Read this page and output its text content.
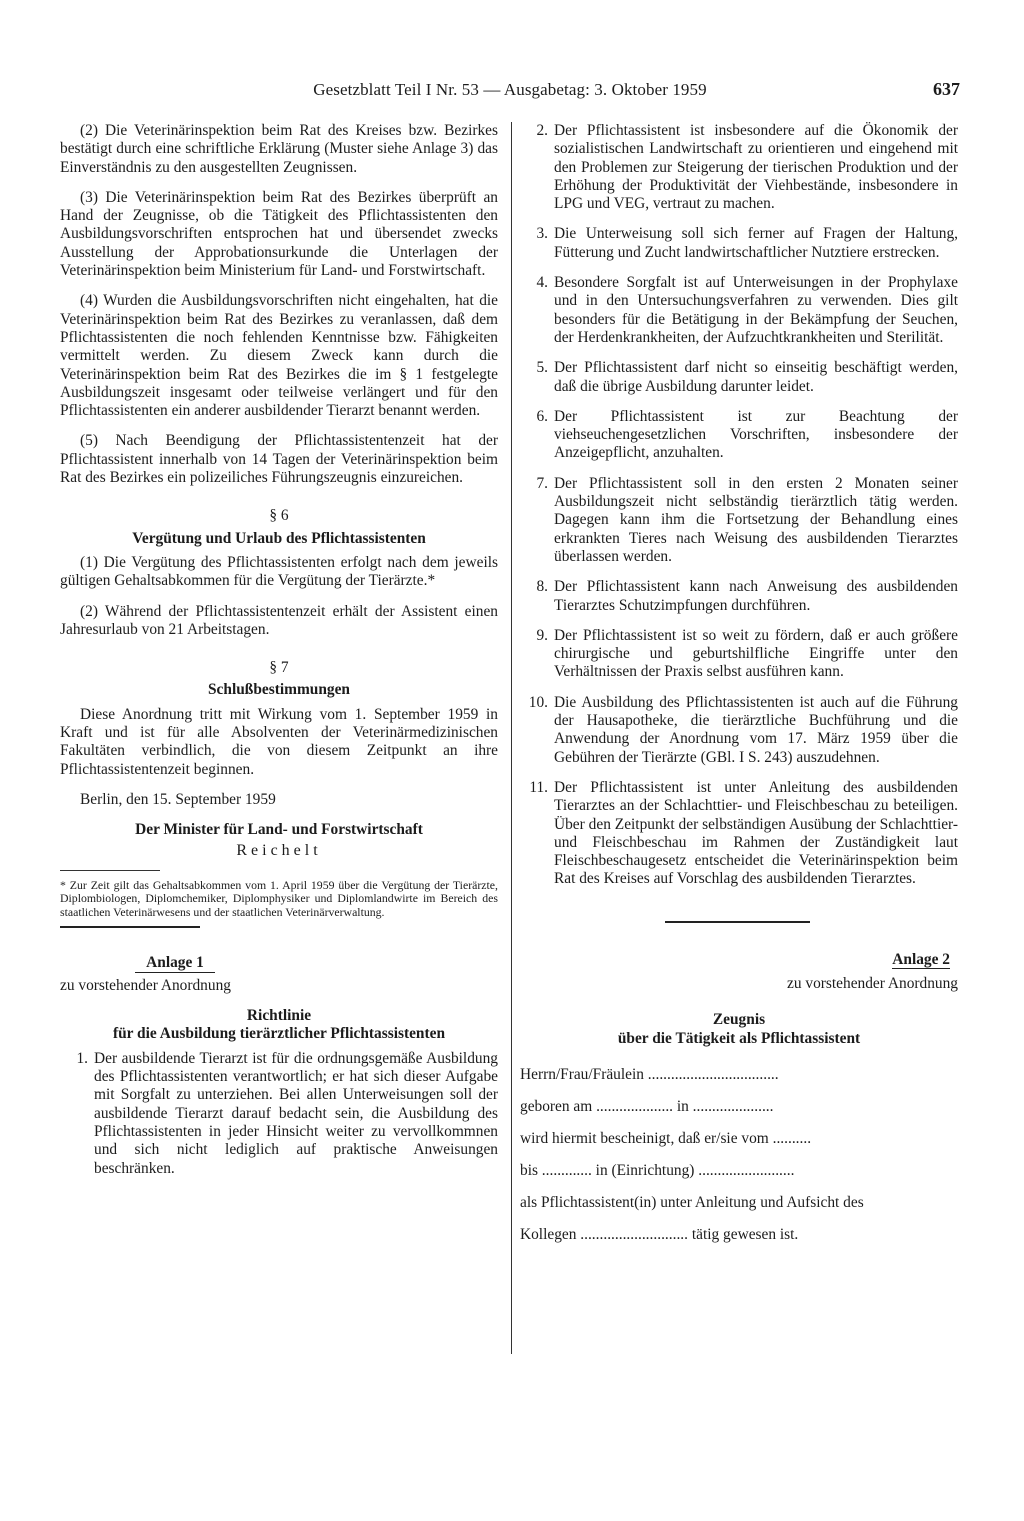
Gesetzblatt Teil I Nr. 53 — Ausgabetag: 3. Oktober 1959	637

(2) Die Veterinärinspektion beim Rat des Kreises bzw. Bezirkes bestätigt durch eine schriftliche Erklärung (Muster siehe Anlage 3) das Einverständnis zu den ausgestellten Zeugnissen.

(3) Die Veterinärinspektion beim Rat des Bezirkes überprüft an Hand der Zeugnisse, ob die Tätigkeit des Pflichtassistenten den Ausbildungsvorschriften entsprochen hat und übersendet zwecks Ausstellung der Approbationsurkunde die Unterlagen der Veterinärinspektion beim Ministerium für Land- und Forstwirtschaft.

(4) Wurden die Ausbildungsvorschriften nicht eingehalten, hat die Veterinärinspektion beim Rat des Bezirkes zu veranlassen, daß dem Pflichtassistenten die noch fehlenden Kenntnisse bzw. Fähigkeiten vermittelt werden. Zu diesem Zweck kann durch die Veterinärinspektion beim Rat des Bezirkes die im § 1 festgelegte Ausbildungszeit insgesamt oder teilweise verlängert und für den Pflichtassistenten ein anderer ausbildender Tierarzt benannt werden.

(5) Nach Beendigung der Pflichtassistentenzeit hat der Pflichtassistent innerhalb von 14 Tagen der Veterinärinspektion beim Rat des Bezirkes ein polizeiliches Führungszeugnis einzureichen.

§ 6
Vergütung und Urlaub des Pflichtassistenten

(1) Die Vergütung des Pflichtassistenten erfolgt nach dem jeweils gültigen Gehaltsabkommen für die Vergütung der Tierärzte.*

(2) Während der Pflichtassistentenzeit erhält der Assistent einen Jahresurlaub von 21 Arbeitstagen.

§ 7
Schlußbestimmungen

Diese Anordnung tritt mit Wirkung vom 1. September 1959 in Kraft und ist für alle Absolventen der Veterinärmedizinischen Fakultäten verbindlich, die von diesem Zeitpunkt an ihre Pflichtassistentenzeit beginnen.

Berlin, den 15. September 1959
Der Minister für Land- und Forstwirtschaft
Reichelt

* Zur Zeit gilt das Gehaltsabkommen vom 1. April 1959 über die Vergütung der Tierärzte, Diplombiologen, Diplomchemiker, Diplomphysiker und Diplomlandwirte im Bereich des staatlichen Veterinärwesens und der staatlichen Veterinärverwaltung.

Anlage 1
zu vorstehender Anordnung
Richtlinie
für die Ausbildung tierärztlicher Pflichtassistenten
1. Der ausbildende Tierarzt ist für die ordnungsgemäße Ausbildung des Pflichtassistenten verantwortlich; er hat sich dieser Aufgabe mit Sorgfalt zu unterziehen. Bei allen Unterweisungen soll der ausbildende Tierarzt darauf bedacht sein, die Ausbildung des Pflichtassistenten in jeder Hinsicht weiter zu vervollkommnen und sich nicht lediglich auf praktische Anweisungen beschränken.
2. Der Pflichtassistent ist insbesondere auf die Ökonomik der sozialistischen Landwirtschaft zu orientieren und eingehend mit den Problemen zur Steigerung der tierischen Produktion und der Erhöhung der Produktivität der Viehbestände, insbesondere in LPG und VEG, vertraut zu machen.
3. Die Unterweisung soll sich ferner auf Fragen der Haltung, Fütterung und Zucht landwirtschaftlicher Nutztiere erstrecken.
4. Besondere Sorgfalt ist auf Unterweisungen in der Prophylaxe und in den Untersuchungsverfahren zu verwenden. Dies gilt besonders für die Betätigung in der Bekämpfung der Seuchen, der Herdenkrankheiten, der Aufzuchtkrankheiten und Sterilität.
5. Der Pflichtassistent darf nicht so einseitig beschäftigt werden, daß die übrige Ausbildung darunter leidet.
6. Der Pflichtassistent ist zur Beachtung der viehseuchengesetzlichen Vorschriften, insbesondere der Anzeigepflicht, anzuhalten.
7. Der Pflichtassistent soll in den ersten 2 Monaten seiner Ausbildungszeit nicht selbständig tierärztlich tätig werden. Dagegen kann ihm die Fortsetzung der Behandlung eines erkrankten Tieres nach Weisung des ausbildenden Tierarztes überlassen werden.
8. Der Pflichtassistent kann nach Anweisung des ausbildenden Tierarztes Schutzimpfungen durchführen.
9. Der Pflichtassistent ist so weit zu fördern, daß er auch größere chirurgische und geburtshilfliche Eingriffe unter den Verhältnissen der Praxis selbst ausführen kann.
10. Die Ausbildung des Pflichtassistenten ist auch auf die Führung der Hausapotheke, die tierärztliche Buchführung und die Anwendung der Anordnung vom 17. März 1959 über die Gebühren der Tierärzte (GBl. I S. 243) auszudehnen.
11. Der Pflichtassistent ist unter Anleitung des ausbildenden Tierarztes an der Schlachttier- und Fleischbeschau zu beteiligen. Über den Zeitpunkt der selbständigen Ausübung der Schlachttier- und Fleischbeschau im Rahmen der Zuständigkeit laut Fleischbeschaugesetz entscheidet die Veterinärinspektion beim Rat des Kreises auf Vorschlag des ausbildenden Tierarztes.
Anlage 2
zu vorstehender Anordnung
Zeugnis
über die Tätigkeit als Pflichtassistent
Herrn/Frau/Fräulein ..................................
geboren am .................... in .....................
wird hiermit bescheinigt, daß er/sie vom ..........
bis ............. in (Einrichtung) .........................
als Pflichtassistent(in) unter Anleitung und Aufsicht des
Kollegen ............................ tätig gewesen ist.
